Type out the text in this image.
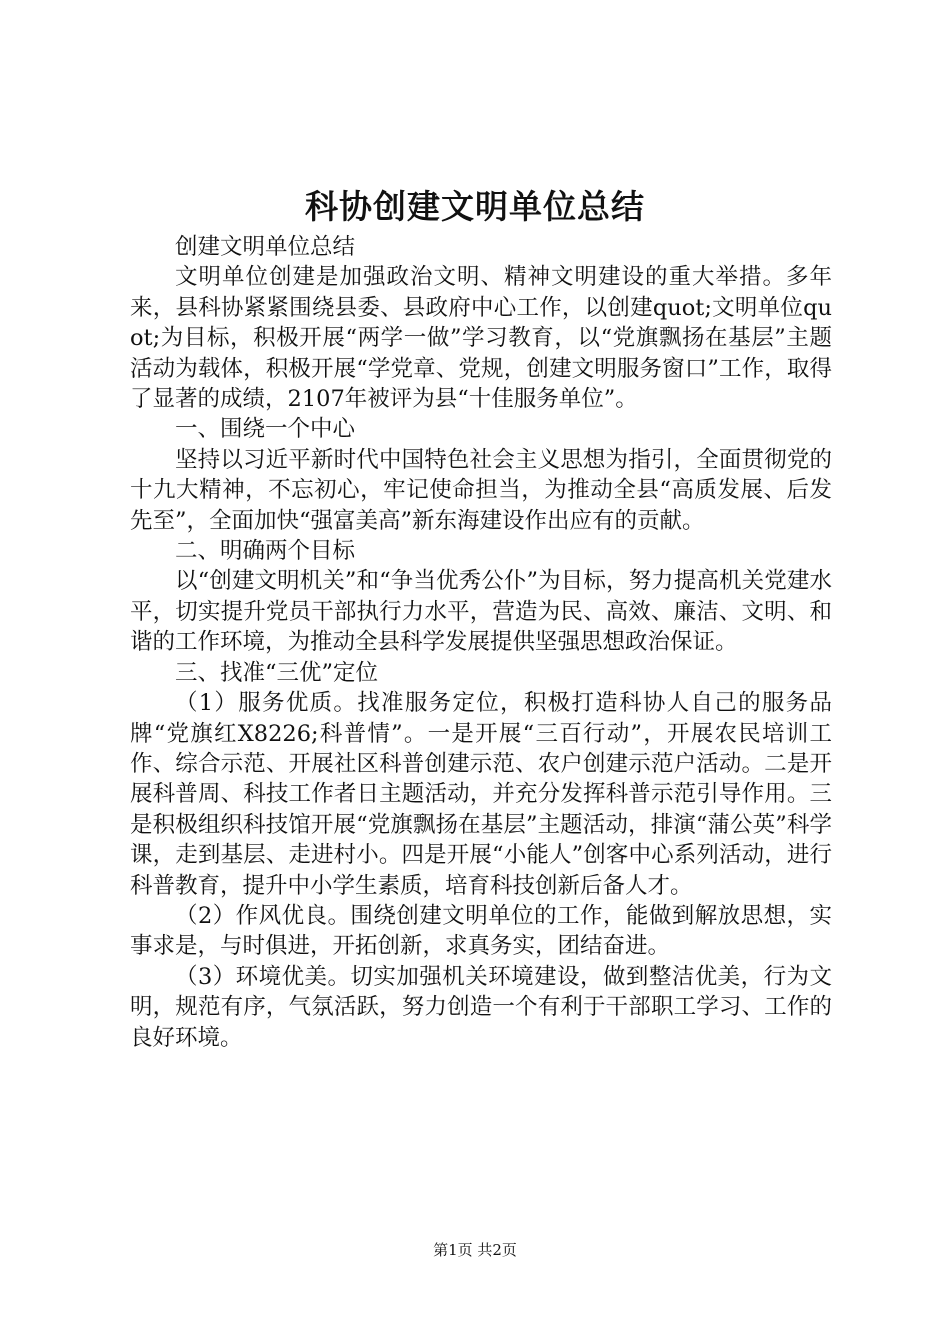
科协创建文明单位总结

创建文明单位总结

文明单位创建是加强政治文明、精神文明建设的重大举措。多年来，县科协紧紧围绕县委、县政府中心工作，以创建quot;文明单位quot;为目标，积极开展“两学一做”学习教育，以“党旗飘扬在基层”主题活动为载体，积极开展“学党章、党规，创建文明服务窗口”工作，取得了显著的成绩，2107年被评为县“十佳服务单位”。

一、围绕一个中心

坚持以习近平新时代中国特色社会主义思想为指引，全面贯彻党的十九大精神，不忘初心，牢记使命担当，为推动全县“高质发展、后发先至”，全面加快“强富美高”新东海建设作出应有的贡献。

二、明确两个目标

以“创建文明机关”和“争当优秀公仆”为目标，努力提高机关党建水平，切实提升党员干部执行力水平，营造为民、高效、廉洁、文明、和谐的工作环境，为推动全县科学发展提供坚强思想政治保证。

三、找准“三优”定位

（1）服务优质。找准服务定位，积极打造科协人自己的服务品牌“党旗红X8226;科普情”。一是开展“三百行动”，开展农民培训工作、综合示范、开展社区科普创建示范、农户创建示范户活动。二是开展科普周、科技工作者日主题活动，并充分发挥科普示范引导作用。三是积极组织科技馆开展“党旗飘扬在基层”主题活动，排演“蒲公英”科学课，走到基层、走进村小。四是开展“小能人”创客中心系列活动，进行科普教育，提升中小学生素质，培育科技创新后备人才。

（2）作风优良。围绕创建文明单位的工作，能做到解放思想，实事求是，与时俱进，开拓创新，求真务实，团结奋进。

（3）环境优美。切实加强机关环境建设，做到整洁优美，行为文明，规范有序，气氛活跃，努力创造一个有利于干部职工学习、工作的良好环境。

第1页 共2页
